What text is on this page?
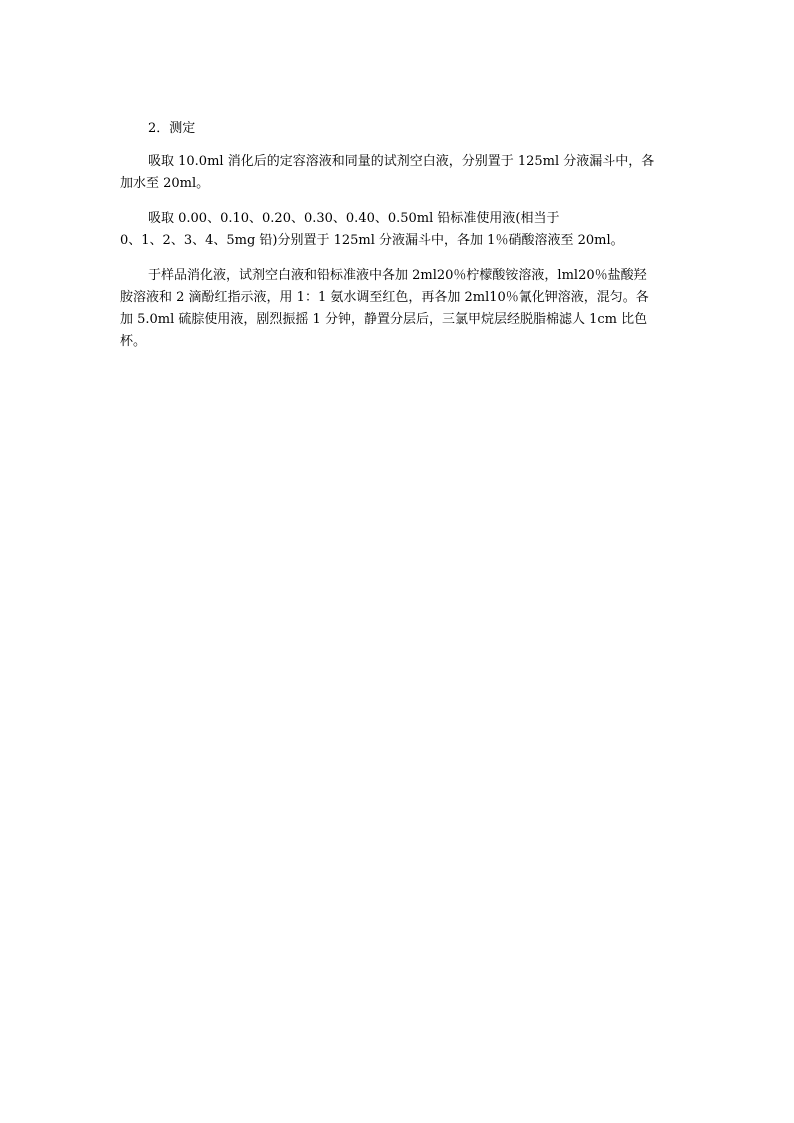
2．测定

吸取 10.0ml 消化后的定容溶液和同量的试剂空白液，分别置于 125ml 分液漏斗中，各
加水至 20ml。

吸取 0.00、0.10、0.20、0.30、0.40、0.50ml 铅标准使用液(相当于
0、1、2、3、4、5mg 铅)分别置于 125ml 分液漏斗中，各加 1％硝酸溶液至 20ml。

于样品消化液，试剂空白液和铅标准液中各加 2ml20％柠檬酸铵溶液，lml20％盐酸羟
胺溶液和 2 滴酚红指示液，用 1：1 氨水调至红色，再各加 2ml10％氰化钾溶液，混匀。各
加 5.0ml 硫腙使用液，剧烈振摇 1 分钟，静置分层后，三氯甲烷层经脱脂棉滤人 1cm 比色
杯。
